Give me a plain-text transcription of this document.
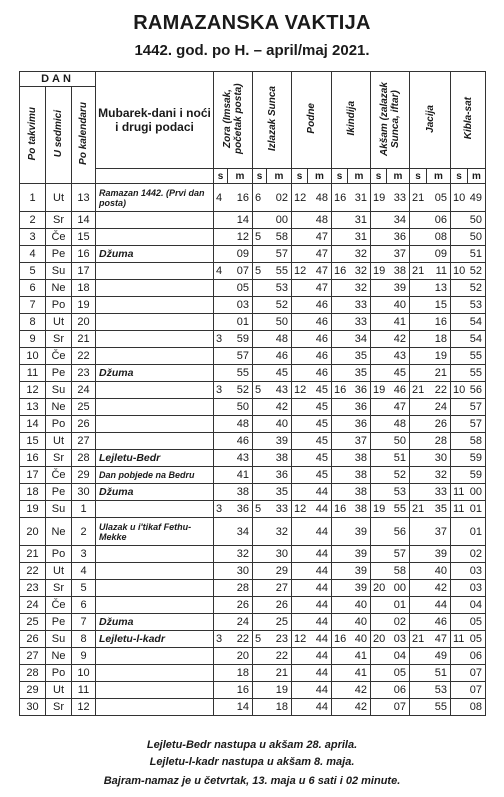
RAMAZANSKA VAKTIJA
1442. god. po H. – april/maj 2021.
DAN			Mubarek-dani i noći i drugi podaci	Zora (Imsak, početak posta)		Izlazak Sunca		Podne		Ikindija		Akšam (zalazak Sunca, iftar)		Jacija		Kibla-sat	
Po takvimu	U sedmici	Po kalendaru															
				s	m	s	m	s	m	s	m	s	m	s	m	s	m
1	Ut	13	Ramazan 1442. (Prvi dan posta)	4	16	6	02	12	48	16	31	19	33	21	05	10	49
2	Sr	14			14		00		48		31		34		06		50
3	Če	15			12	5	58		47		31		36		08		50
4	Pe	16	Džuma		09		57		47		32		37		09		51
5	Su	17		4	07	5	55	12	47	16	32	19	38	21	11	10	52
6	Ne	18			05		53		47		32		39		13		52
7	Po	19			03		52		46		33		40		15		53
8	Ut	20			01		50		46		33		41		16		54
9	Sr	21		3	59		48		46		34		42		18		54
10	Če	22			57		46		46		35		43		19		55
11	Pe	23	Džuma		55		45		46		35		45		21		55
12	Su	24		3	52	5	43	12	45	16	36	19	46	21	22	10	56
13	Ne	25			50		42		45		36		47		24		57
14	Po	26			48		40		45		36		48		26		57
15	Ut	27			46		39		45		37		50		28		58
16	Sr	28	Lejletu-Bedr		43		38		45		38		51		30		59
17	Če	29	Dan pobjede na Bedru		41		36		45		38		52		32		59
18	Pe	30	Džuma		38		35		44		38		53		33	11	00
19	Su	1		3	36	5	33	12	44	16	38	19	55	21	35	11	01
20	Ne	2	Ulazak u i'tikaf Fethu-Mekke		34		32		44		39		56		37		01
21	Po	3			32		30		44		39		57		39		02
22	Ut	4			30		29		44		39		58		40		03
23	Sr	5			28		27		44		39	20	00		42		03
24	Če	6			26		26		44		40		01		44		04
25	Pe	7	Džuma		24		25		44		40		02		46		05
26	Su	8	Lejletu-l-kadr	3	22	5	23	12	44	16	40	20	03	21	47	11	05
27	Ne	9			20		22		44		41		04		49		06
28	Po	10			18		21		44		41		05		51		07
29	Ut	11			16		19		44		42		06		53		07
30	Sr	12			14		18		44		42		07		55		08
Lejletu-Bedr nastupa u akšam 28. aprila.
Lejletu-l-kadr nastupa u akšam 8. maja.
Bajram-namaz je u četvrtak, 13. maja u 6 sati i 02 minute.
